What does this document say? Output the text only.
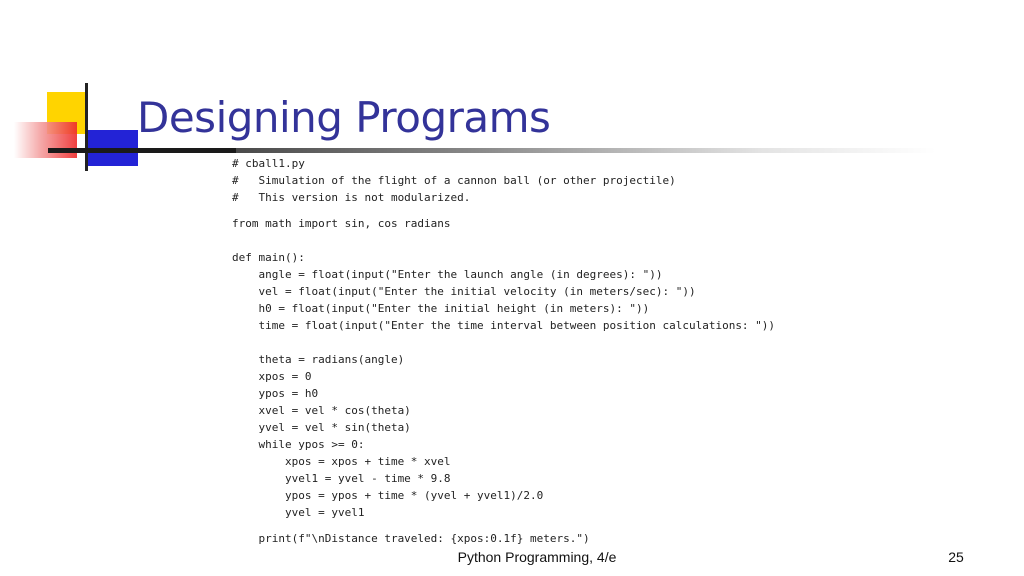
Designing Programs
# cball1.py
#   Simulation of the flight of a cannon ball (or other projectile)
#   This version is not modularized.
from math import sin, cos radians
def main():
angle = float(input("Enter the launch angle (in degrees): "))
vel = float(input("Enter the initial velocity (in meters/sec): "))
h0 = float(input("Enter the initial height (in meters): "))
time = float(input("Enter the time interval between position calculations: "))
theta = radians(angle)
xpos = 0
ypos = h0
xvel = vel * cos(theta)
yvel = vel * sin(theta)
while ypos >= 0:
xpos = xpos + time * xvel
yvel1 = yvel - time * 9.8
ypos = ypos + time * (yvel + yvel1)/2.0
yvel = yvel1
print(f"\nDistance traveled: {xpos:0.1f} meters.")
Python Programming, 4/e	25
